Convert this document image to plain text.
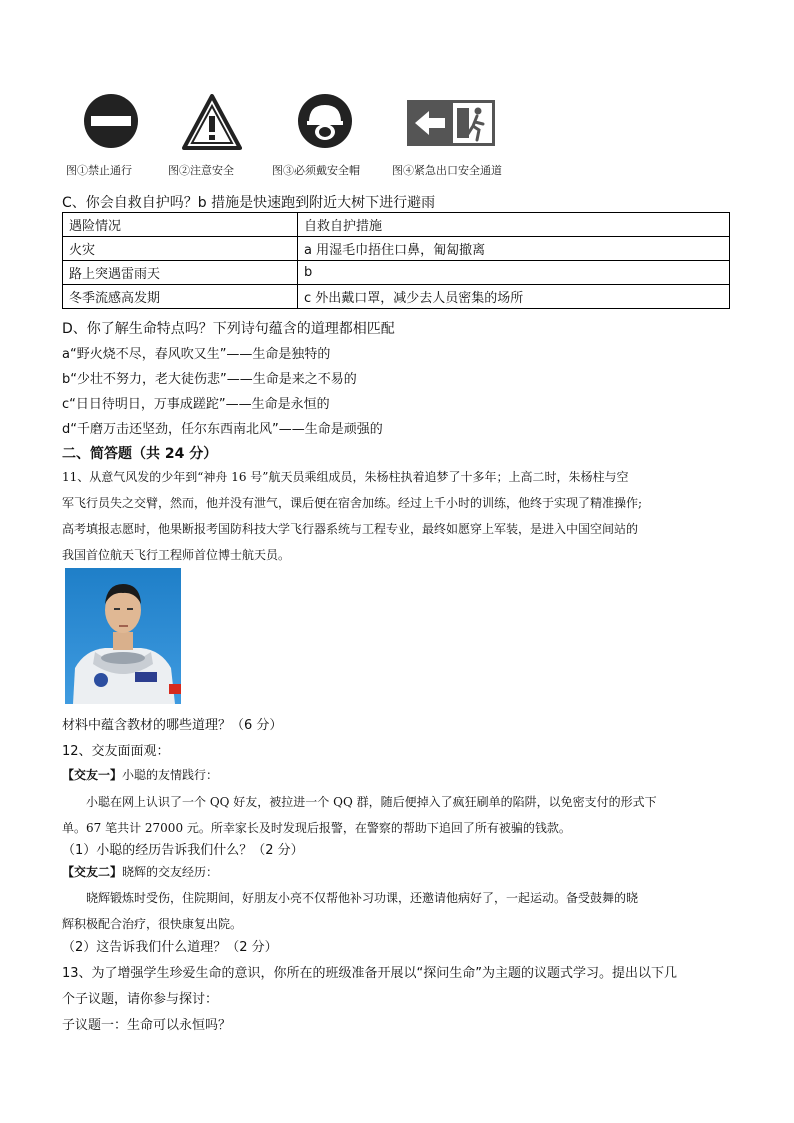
图①禁止通行	图②注意安全	图③必须戴安全帽	图④紧急出口安全通道
C、你会自救自护吗？b 措施是快速跑到附近大树下进行避雨
遇险情况	自救自护措施
火灾	a 用湿毛巾捂住口鼻，匍匐撤离
路上突遇雷雨天	b
冬季流感高发期	c 外出戴口罩，减少去人员密集的场所
D、你了解生命特点吗？下列诗句蕴含的道理都相匹配
a“野火烧不尽，春风吹又生”——生命是独特的
b“少壮不努力，老大徒伤悲”——生命是来之不易的
c“日日待明日，万事成蹉跎”——生命是永恒的
d“千磨万击还坚劲，任尔东西南北风”——生命是顽强的
二、简答题（共 24 分）
11、从意气风发的少年到“神舟 16 号”航天员乘组成员，朱杨柱执着追梦了十多年；上高二时，朱杨柱与空
军飞行员失之交臂，然而，他并没有泄气，课后便在宿舍加练。经过上千小时的训练，他终于实现了精准操作;
高考填报志愿时，他果断报考国防科技大学飞行器系统与工程专业，最终如愿穿上军装，是进入中国空间站的
我国首位航天飞行工程师首位博士航天员。
材料中蕴含教材的哪些道理？（6 分）
12、交友面面观：
【交友一】小聪的友情践行：
小聪在网上认识了一个 QQ 好友，被拉进一个 QQ 群，随后便掉入了疯狂刷单的陷阱，以免密支付的形式下
单。67 笔共计 27000 元。所幸家长及时发现后报警，在警察的帮助下追回了所有被骗的钱款。
（1）小聪的经历告诉我们什么？（2 分）
【交友二】晓辉的交友经历：
晓辉锻炼时受伤，住院期间，好朋友小亮不仅帮他补习功课，还邀请他病好了，一起运动。备受鼓舞的晓
辉积极配合治疗，很快康复出院。
（2）这告诉我们什么道理？（2 分）
13、为了增强学生珍爱生命的意识，你所在的班级准备开展以“探问生命”为主题的议题式学习。提出以下几
个子议题，请你参与探讨：
子议题一：生命可以永恒吗？
